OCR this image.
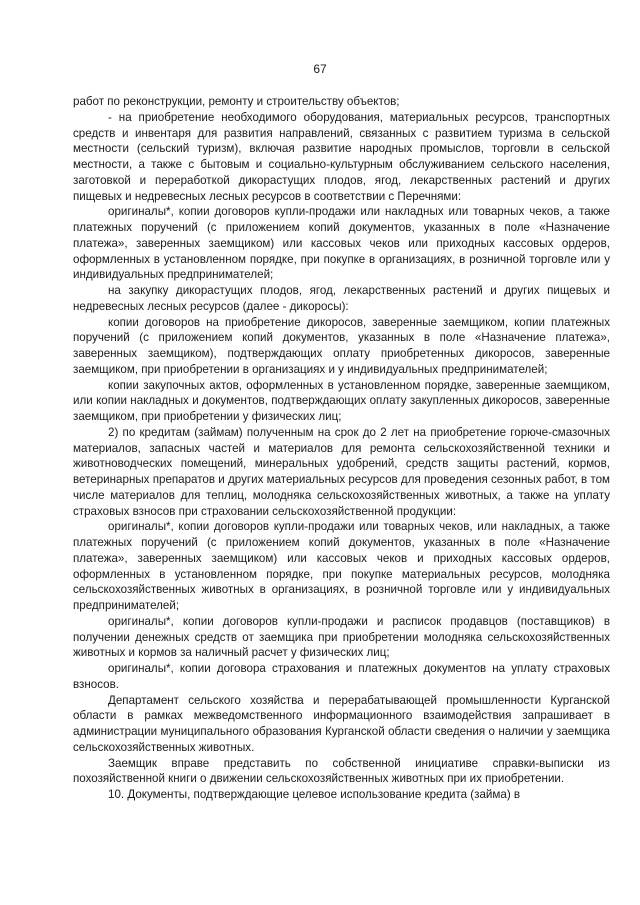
67

работ по реконструкции, ремонту и строительству объектов;

- на приобретение необходимого оборудования, материальных ресурсов, транспортных средств и инвентаря для развития направлений, связанных с развитием туризма в сельской местности (сельский туризм), включая развитие народных промыслов, торговли в сельской местности, а также с бытовым и социально-культурным обслуживанием сельского населения, заготовкой и переработкой дикорастущих плодов, ягод, лекарственных растений и других пищевых и недревесных лесных ресурсов в соответствии с Перечнями:

оригиналы*, копии договоров купли-продажи или накладных или товарных чеков, а также платежных поручений (с приложением копий документов, указанных в поле «Назначение платежа», заверенных заемщиком) или кассовых чеков или приходных кассовых ордеров, оформленных в установленном порядке, при покупке в организациях, в розничной торговле или у индивидуальных предпринимателей;

на закупку дикорастущих плодов, ягод, лекарственных растений и других пищевых и недревесных лесных ресурсов (далее - дикоросы):

копии договоров на приобретение дикоросов, заверенные заемщиком, копии платежных поручений (с приложением копий документов, указанных в поле «Назначение платежа», заверенных заемщиком), подтверждающих оплату приобретенных дикоросов, заверенные заемщиком, при приобретении в организациях и у индивидуальных предпринимателей;

копии закупочных актов, оформленных в установленном порядке, заверенные заемщиком, или копии накладных и документов, подтверждающих оплату закупленных дикоросов, заверенные заемщиком, при приобретении у физических лиц;

2) по кредитам (займам) полученным на срок до 2 лет на приобретение горюче-смазочных материалов, запасных частей и материалов для ремонта сельскохозяйственной техники и животноводческих помещений, минеральных удобрений, средств защиты растений, кормов, ветеринарных препаратов и других материальных ресурсов для проведения сезонных работ, в том числе материалов для теплиц, молодняка сельскохозяйственных животных, а также на уплату страховых взносов при страховании сельскохозяйственной продукции:

оригиналы*, копии договоров купли-продажи или товарных чеков, или накладных, а также платежных поручений (с приложением копий документов, указанных в поле «Назначение платежа», заверенных заемщиком) или кассовых чеков и приходных кассовых ордеров, оформленных в установленном порядке, при покупке материальных ресурсов, молодняка сельскохозяйственных животных в организациях, в розничной торговле или у индивидуальных предпринимателей;

оригиналы*, копии договоров купли-продажи и расписок продавцов (поставщиков) в получении денежных средств от заемщика при приобретении молодняка сельскохозяйственных животных и кормов за наличный расчет у физических лиц;

оригиналы*, копии договора страхования и платежных документов на уплату страховых взносов.

Департамент сельского хозяйства и перерабатывающей промышленности Курганской области в рамках межведомственного информационного взаимодействия запрашивает в администрации муниципального образования Курганской области сведения о наличии у заемщика сельскохозяйственных животных.

Заемщик вправе представить по собственной инициативе справки-выписки из похозяйственной книги о движении сельскохозяйственных животных при их приобретении.

10. Документы, подтверждающие целевое использование кредита (займа) в
